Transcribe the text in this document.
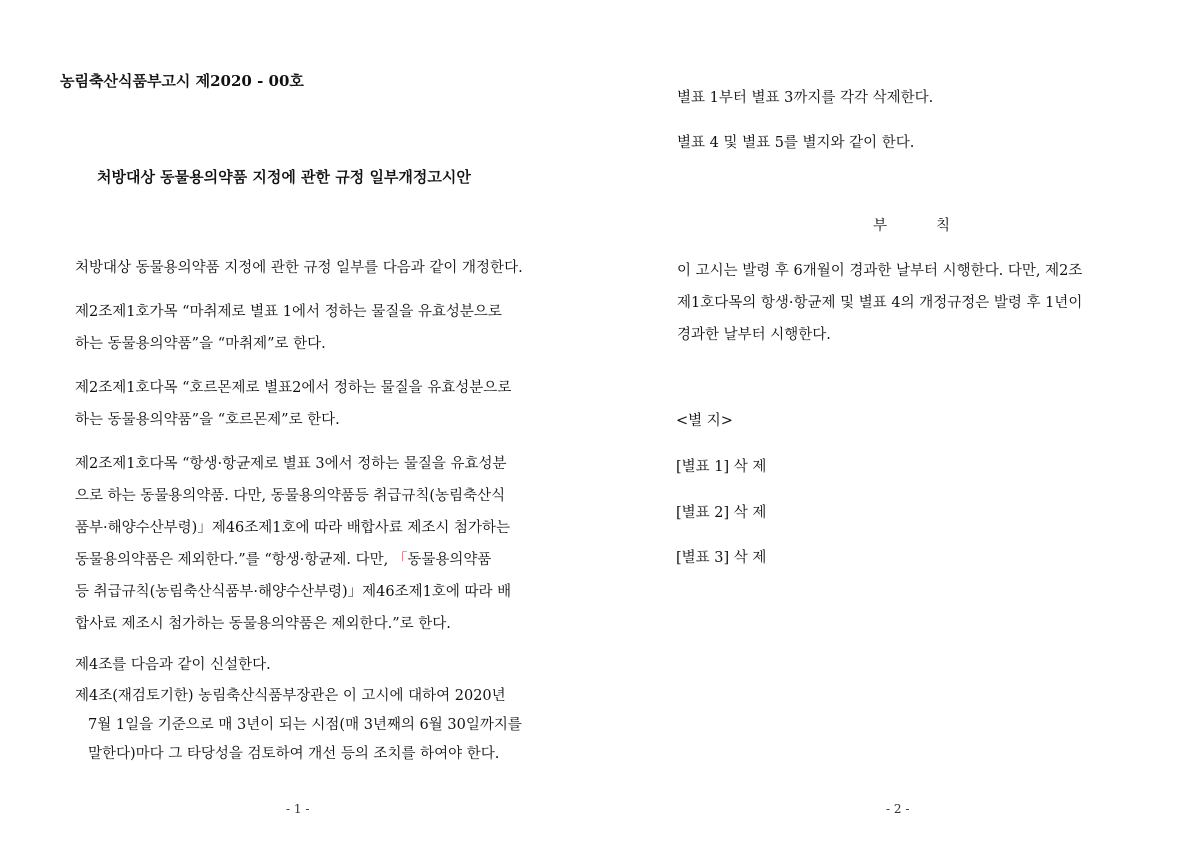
농림축산식품부고시 제2020 - 00호
처방대상 동물용의약품 지정에 관한 규정 일부개정고시안
처방대상 동물용의약품 지정에 관한 규정 일부를 다음과 같이 개정한다.
제2조제1호가목 “마취제로 별표 1에서 정하는 물질을 유효성분으로
하는 동물용의약품”을 “마취제”로 한다.
제2조제1호다목 “호르몬제로 별표2에서 정하는 물질을 유효성분으로
하는 동물용의약품”을 “호르몬제”로 한다.
제2조제1호다목 “항생·항균제로 별표 3에서 정하는 물질을 유효성분
으로 하는 동물용의약품. 다만, 동물용의약품등 취급규칙(농림축산식
품부·해양수산부령)」제46조제1호에 따라 배합사료 제조시 첨가하는
동물용의약품은 제외한다.”를 “항생·항균제. 다만, 「동물용의약품
등 취급규칙(농림축산식품부·해양수산부령)」제46조제1호에 따라 배
합사료 제조시 첨가하는 동물용의약품은 제외한다.”로 한다.
제4조를 다음과 같이 신설한다.
제4조(재검토기한) 농림축산식품부장관은 이 고시에 대하여 2020년
7월 1일을 기준으로 매 3년이 되는 시점(매 3년째의 6월 30일까지를
말한다)마다 그 타당성을 검토하여 개선 등의 조치를 하여야 한다.
- 1 -
별표 1부터 별표 3까지를 각각 삭제한다.
별표 4 및 별표 5를 별지와 같이 한다.
부	칙
이 고시는 발령 후 6개월이 경과한 날부터 시행한다. 다만, 제2조
제1호다목의 항생·항균제 및 별표 4의 개정규정은 발령 후 1년이
경과한 날부터 시행한다.
<별 지>
[별표 1] 삭 제
[별표 2] 삭 제
[별표 3] 삭 제
- 2 -
